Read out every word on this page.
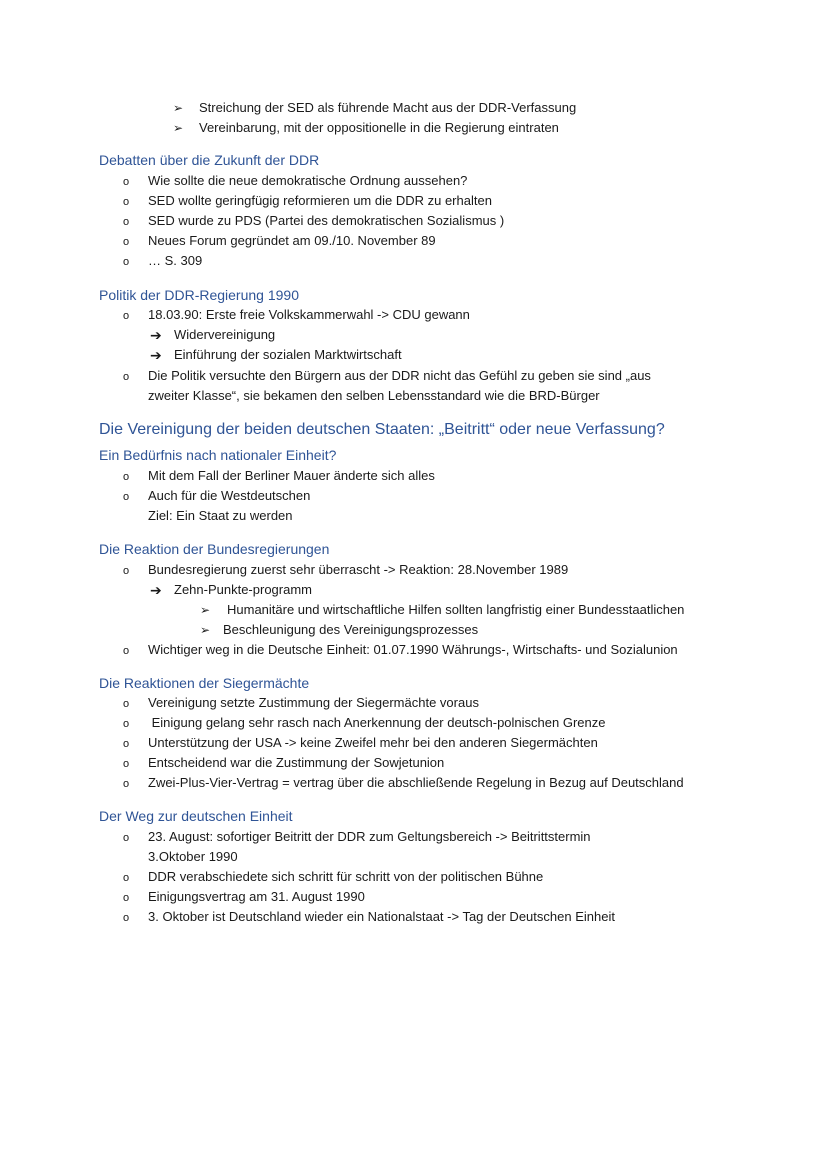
➢ Streichung der SED als führende Macht aus der DDR-Verfassung
➢ Vereinbarung, mit der oppositionelle in die Regierung eintraten
Debatten über die Zukunft der DDR
o Wie sollte die neue demokratische Ordnung aussehen?
o SED wollte geringfügig reformieren um die DDR zu erhalten
o SED wurde zu PDS (Partei des demokratischen Sozialismus )
o Neues Forum gegründet am 09./10. November 89
o … S. 309
Politik der DDR-Regierung 1990
o 18.03.90: Erste freie Volkskammerwahl -> CDU gewann
➔ Widervereinigung
➔ Einführung der sozialen Marktwirtschaft
o Die Politik versuchte den Bürgern aus der DDR nicht das Gefühl zu geben sie sind „aus
zweiter Klasse“, sie bekamen den selben Lebensstandard wie die BRD-Bürger
Die Vereinigung der beiden deutschen Staaten: „Beitritt“ oder neue Verfassung?
Ein Bedürfnis nach nationaler Einheit?
o Mit dem Fall der Berliner Mauer änderte sich alles
o Auch für die Westdeutschen
Ziel: Ein Staat zu werden
Die Reaktion der Bundesregierungen
o Bundesregierung zuerst sehr überrascht -> Reaktion: 28.November 1989
➔ Zehn-Punkte-programm
➢ Humanitäre und wirtschaftliche Hilfen sollten langfristig einer Bundesstaatlichen
➢ Beschleunigung des Vereinigungsprozesses
o Wichtiger weg in die Deutsche Einheit: 01.07.1990 Währungs-, Wirtschafts- und Sozialunion
Die Reaktionen der Siegermächte
o Vereinigung setzte Zustimmung der Siegermächte voraus
o Einigung gelang sehr rasch nach Anerkennung der deutsch-polnischen Grenze
o Unterstützung der USA -> keine Zweifel mehr bei den anderen Siegermächten
o Entscheidend war die Zustimmung der Sowjetunion
o Zwei-Plus-Vier-Vertrag = vertrag über die abschließende Regelung in Bezug auf Deutschland
Der Weg zur deutschen Einheit
o 23. August: sofortiger Beitritt der DDR zum Geltungsbereich -> Beitrittstermin
3.Oktober 1990
o DDR verabschiedete sich schritt für schritt von der politischen Bühne
o Einigungsvertrag am 31. August 1990
o 3. Oktober ist Deutschland wieder ein Nationalstaat -> Tag der Deutschen Einheit
